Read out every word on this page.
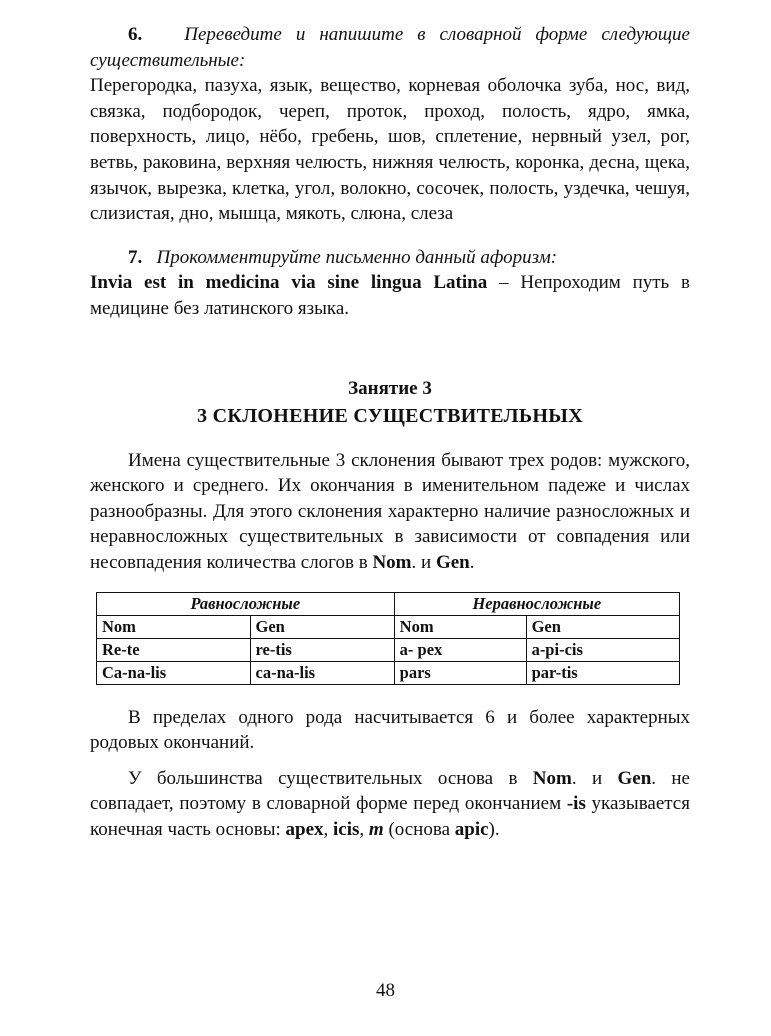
6. Переведите и напишите в словарной форме следующие существительные:

Перегородка, пазуха, язык, вещество, корневая оболочка зуба, нос, вид, связка, подбородок, череп, проток, проход, полость, ядро, ямка, поверхность, лицо, нёбо, гребень, шов, сплетение, нервный узел, рог, ветвь, раковина, верхняя челюсть, нижняя челюсть, коронка, десна, щека, язычок, вырезка, клетка, угол, волокно, сосочек, полость, уздечка, чешуя, слизистая, дно, мышца, мякоть, слюна, слеза

7. Прокомментируйте письменно данный афоризм:

Invia est in medicina via sine lingua Latina – Непроходим путь в медицине без латинского языка.

Занятие 3
3 СКЛОНЕНИЕ СУЩЕСТВИТЕЛЬНЫХ

Имена существительные 3 склонения бывают трех родов: мужского, женского и среднего. Их окончания в именительном падеже и числах разнообразны. Для этого склонения характерно наличие разносложных и неравносложных существительных в зависимости от совпадения или несовпадения количества слогов в Nom. и Gen.

Равносложные		Неравносложные	
Nom	Gen	Nom	Gen
Re-te	re-tis	a- pex	a-pi-cis
Ca-na-lis	ca-na-lis	pars	par-tis

В пределах одного рода насчитывается 6 и более характерных родовых окончаний.

У большинства существительных основа в Nom. и Gen. не совпадает, поэтому в словарной форме перед окончанием -is указывается конечная часть основы: apex, icis, m (основа apic).

48
